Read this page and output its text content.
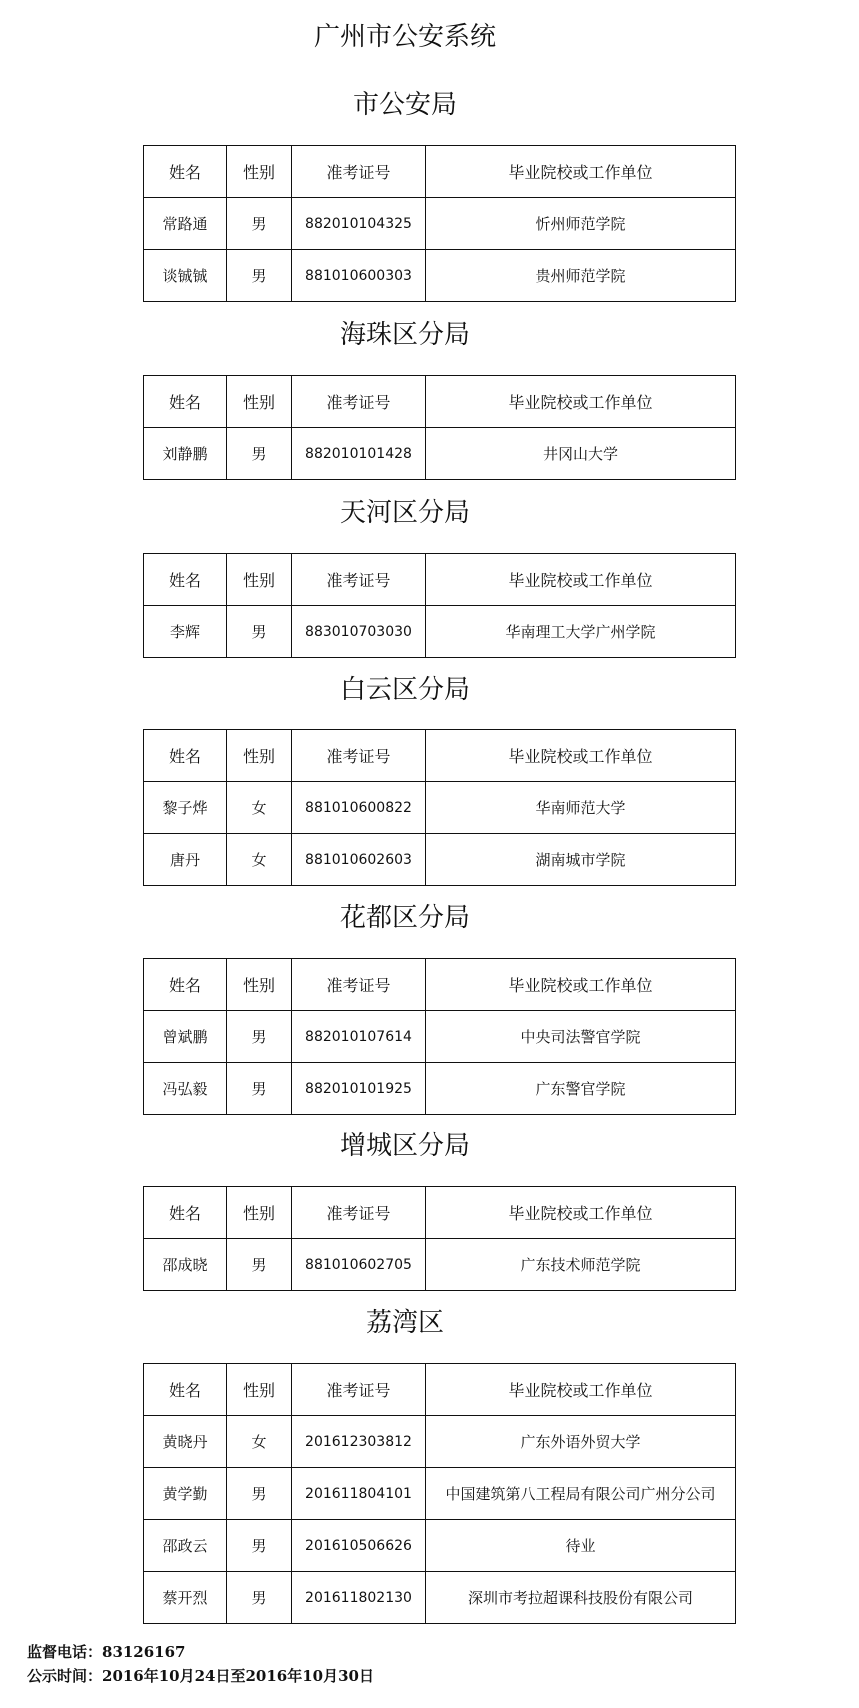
广州市公安系统
市公安局
姓名	性别	准考证号	毕业院校或工作单位
常路通	男	882010104325	忻州师范学院
谈铖铖	男	881010600303	贵州师范学院
海珠区分局
姓名	性别	准考证号	毕业院校或工作单位
刘静鹏	男	882010101428	井冈山大学
天河区分局
姓名	性别	准考证号	毕业院校或工作单位
李辉	男	883010703030	华南理工大学广州学院
白云区分局
姓名	性别	准考证号	毕业院校或工作单位
黎子烨	女	881010600822	华南师范大学
唐丹	女	881010602603	湖南城市学院
花都区分局
姓名	性别	准考证号	毕业院校或工作单位
曾斌鹏	男	882010107614	中央司法警官学院
冯弘毅	男	882010101925	广东警官学院
增城区分局
姓名	性别	准考证号	毕业院校或工作单位
邵成晓	男	881010602705	广东技术师范学院
荔湾区
姓名	性别	准考证号	毕业院校或工作单位
黄晓丹	女	201612303812	广东外语外贸大学
黄学勤	男	201611804101	中国建筑第八工程局有限公司广州分公司
邵政云	男	201610506626	待业
蔡开烈	男	201611802130	深圳市考拉超课科技股份有限公司
监督电话：83126167
公示时间：2016年10月24日至2016年10月30日
